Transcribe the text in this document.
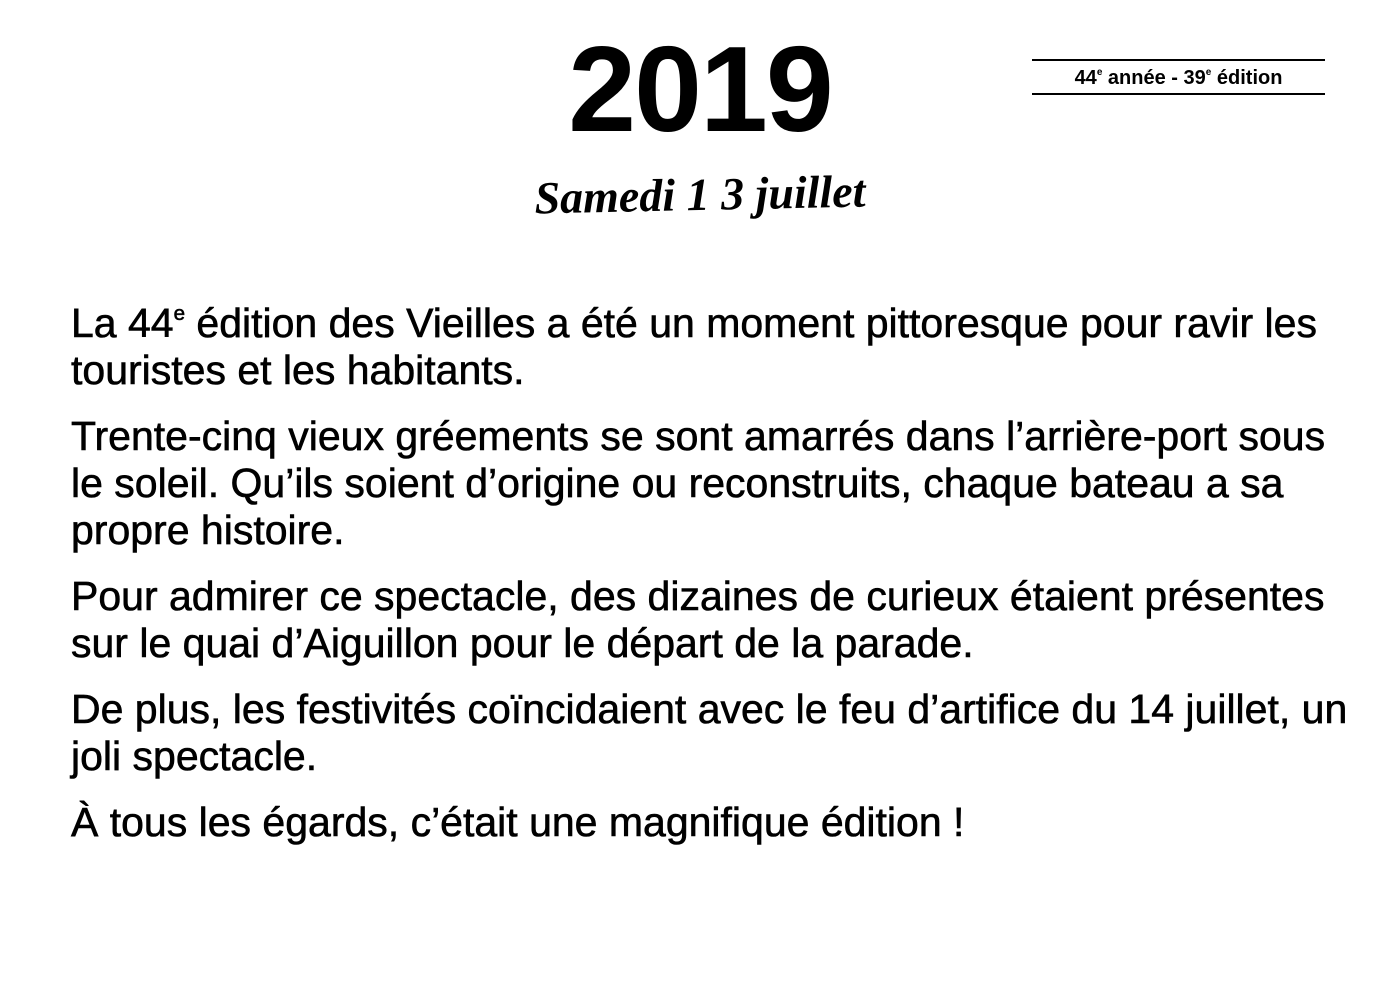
2019	44e année - 39e édition
Samedi 1 3 juillet

La 44e édition des Vieilles a été un moment pittoresque pour ravir les touristes et les habitants.

Trente-cinq vieux gréements se sont amarrés dans l’arrière-port sous le soleil. Qu’ils soient d’origine ou reconstruits, chaque bateau a sa propre histoire.

Pour admirer ce spectacle, des dizaines de curieux étaient présentes sur le quai d’Aiguillon pour le départ de la parade.

De plus, les festivités coïncidaient avec le feu d’artifice du 14 juillet, un joli spectacle.

À tous les égards, c’était une magnifique édition !
